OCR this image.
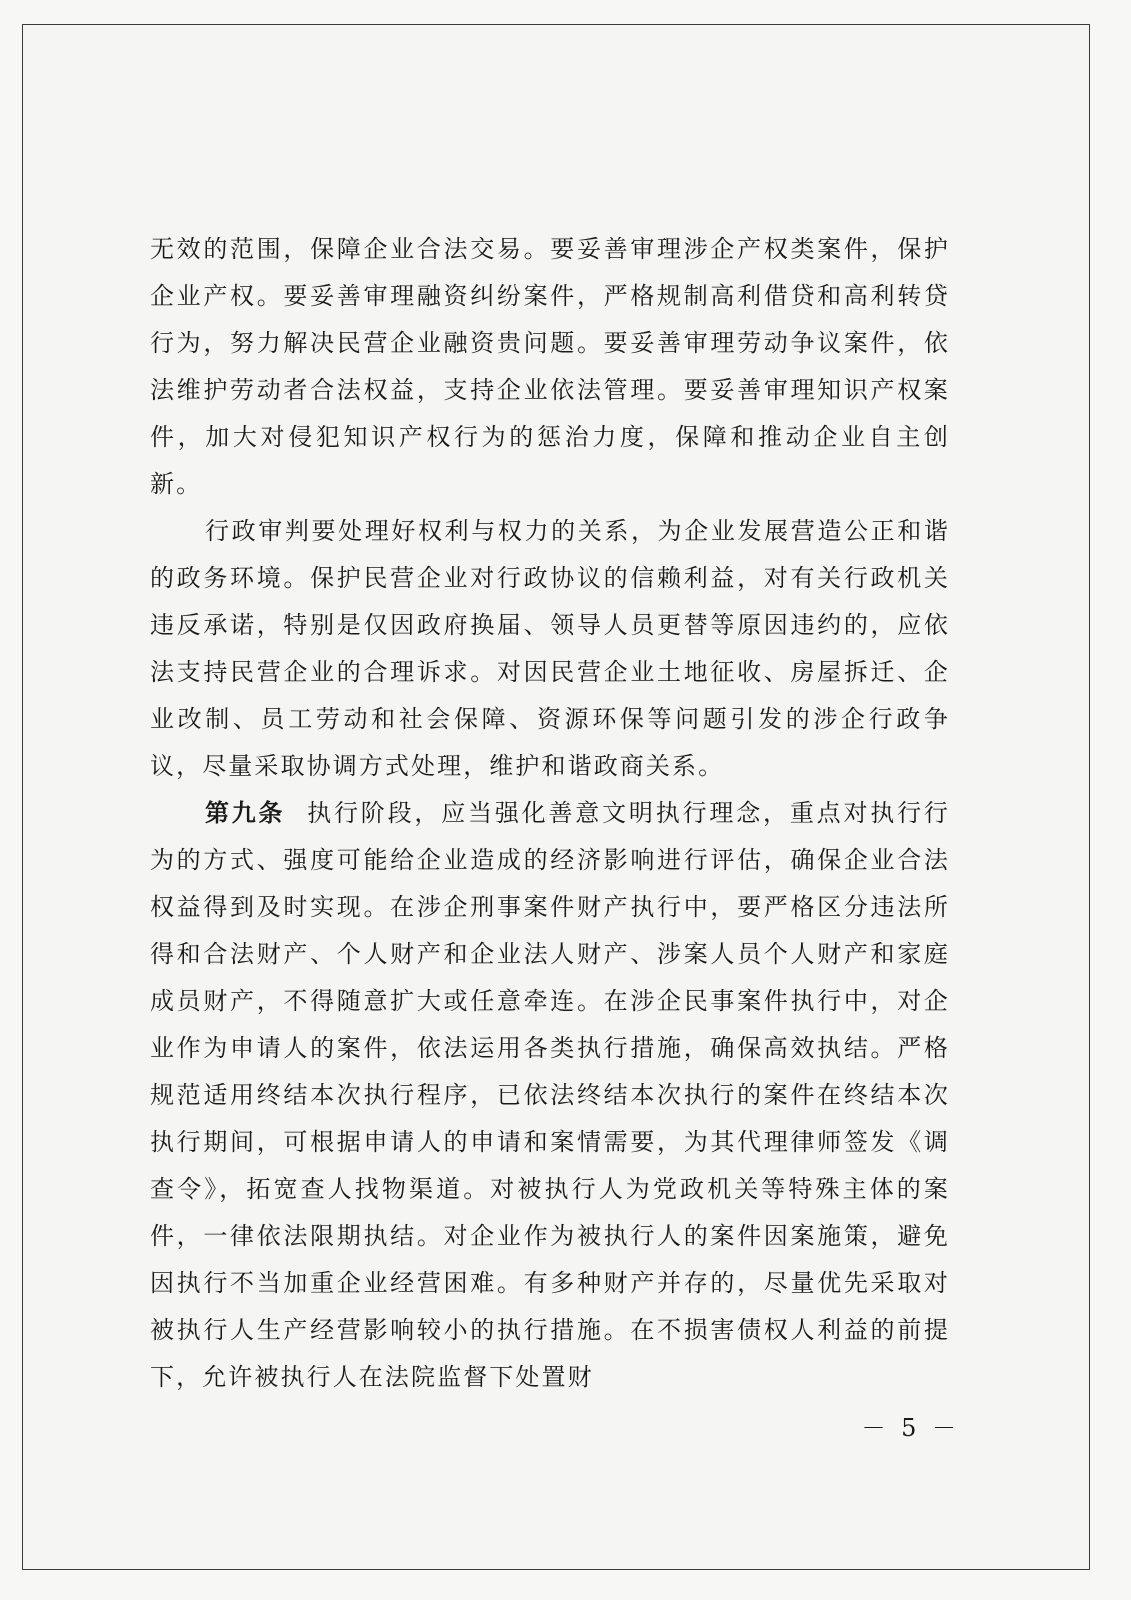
无效的范围，保障企业合法交易。要妥善审理涉企产权类案件，保护企业产权。要妥善审理融资纠纷案件，严格规制高利借贷和高利转贷行为，努力解决民营企业融资贵问题。要妥善审理劳动争议案件，依法维护劳动者合法权益，支持企业依法管理。要妥善审理知识产权案件，加大对侵犯知识产权行为的惩治力度，保障和推动企业自主创新。

行政审判要处理好权利与权力的关系，为企业发展营造公正和谐的政务环境。保护民营企业对行政协议的信赖利益，对有关行政机关违反承诺，特别是仅因政府换届、领导人员更替等原因违约的，应依法支持民营企业的合理诉求。对因民营企业土地征收、房屋拆迁、企业改制、员工劳动和社会保障、资源环保等问题引发的涉企行政争议，尽量采取协调方式处理，维护和谐政商关系。

第九条 执行阶段，应当强化善意文明执行理念，重点对执行行为的方式、强度可能给企业造成的经济影响进行评估，确保企业合法权益得到及时实现。在涉企刑事案件财产执行中，要严格区分违法所得和合法财产、个人财产和企业法人财产、涉案人员个人财产和家庭成员财产，不得随意扩大或任意牵连。在涉企民事案件执行中，对企业作为申请人的案件，依法运用各类执行措施，确保高效执结。严格规范适用终结本次执行程序，已依法终结本次执行的案件在终结本次执行期间，可根据申请人的申请和案情需要，为其代理律师签发《调查令》，拓宽查人找物渠道。对被执行人为党政机关等特殊主体的案件，一律依法限期执结。对企业作为被执行人的案件因案施策，避免因执行不当加重企业经营困难。有多种财产并存的，尽量优先采取对被执行人生产经营影响较小的执行措施。在不损害债权人利益的前提下，允许被执行人在法院监督下处置财

－ 5 －
